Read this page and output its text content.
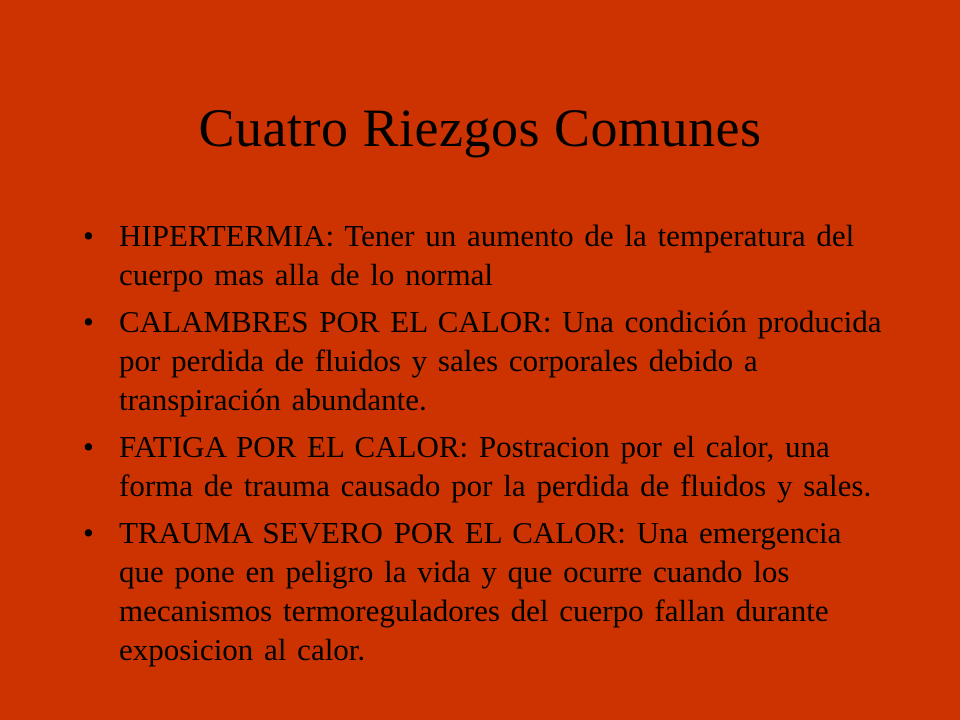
Cuatro Riezgos Comunes
• HIPERTERMIA: Tener un aumento de la temperatura del cuerpo mas alla de lo normal
• CALAMBRES POR EL CALOR: Una condición producida por perdida de fluidos y sales corporales debido a transpiración abundante.
• FATIGA POR EL CALOR: Postracion por el calor, una forma de trauma causado por la perdida de fluidos y sales.
• TRAUMA SEVERO POR EL CALOR: Una emergencia que pone en peligro la vida y que ocurre cuando los mecanismos termoreguladores del cuerpo fallan durante exposicion al calor.
